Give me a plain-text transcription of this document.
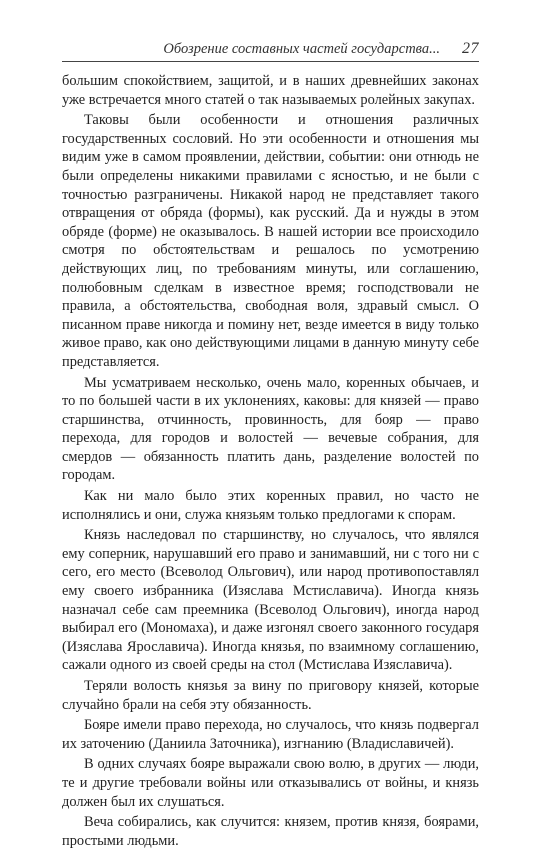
Обозрение составных частей государства... 27

большим спокойствием, защитой, и в наших древнейших законах уже встречается много статей о так называемых ролейных закупах.

Таковы были особенности и отношения различных государственных сословий. Но эти особенности и отношения мы видим уже в самом проявлении, действии, событии: они отнюдь не были определены никакими правилами с ясностью, и не были с точностью разграничены. Никакой народ не представляет такого отвращения от обряда (формы), как русский. Да и нужды в этом обряде (форме) не оказывалось. В нашей истории все происходило смотря по обстоятельствам и решалось по усмотрению действующих лиц, по требованиям минуты, или соглашению, полюбовным сделкам в известное время; господствовали не правила, а обстоятельства, свободная воля, здравый смысл. О писанном праве никогда и помину нет, везде имеется в виду только живое право, как оно действующими лицами в данную минуту себе представляется.

Мы усматриваем несколько, очень мало, коренных обычаев, и то по большей части в их уклонениях, каковы: для князей — право старшинства, отчинность, провинность, для бояр — право перехода, для городов и волостей — вечевые собрания, для смердов — обязанность платить дань, разделение волостей по городам.

Как ни мало было этих коренных правил, но часто не исполнялись и они, служа князьям только предлогами к спорам.

Князь наследовал по старшинству, но случалось, что являлся ему соперник, нарушавший его право и занимавший, ни с того ни с сего, его место (Всеволод Ольгович), или народ противопоставлял ему своего избранника (Изяслава Мстиславича). Иногда князь назначал себе сам преемника (Всеволод Ольгович), иногда народ выбирал его (Мономаха), и даже изгонял своего законного государя (Изяслава Ярославича). Иногда князья, по взаимному соглашению, сажали одного из своей среды на стол (Мстислава Изяславича).

Теряли волость князья за вину по приговору князей, которые случайно брали на себя эту обязанность.

Бояре имели право перехода, но случалось, что князь подвергал их заточению (Даниила Заточника), изгнанию (Владиславичей).

В одних случаях бояре выражали свою волю, в других — люди, те и другие требовали войны или отказывались от войны, и князь должен был их слушаться.

Веча собирались, как случится: князем, против князя, боярами, простыми людьми.
